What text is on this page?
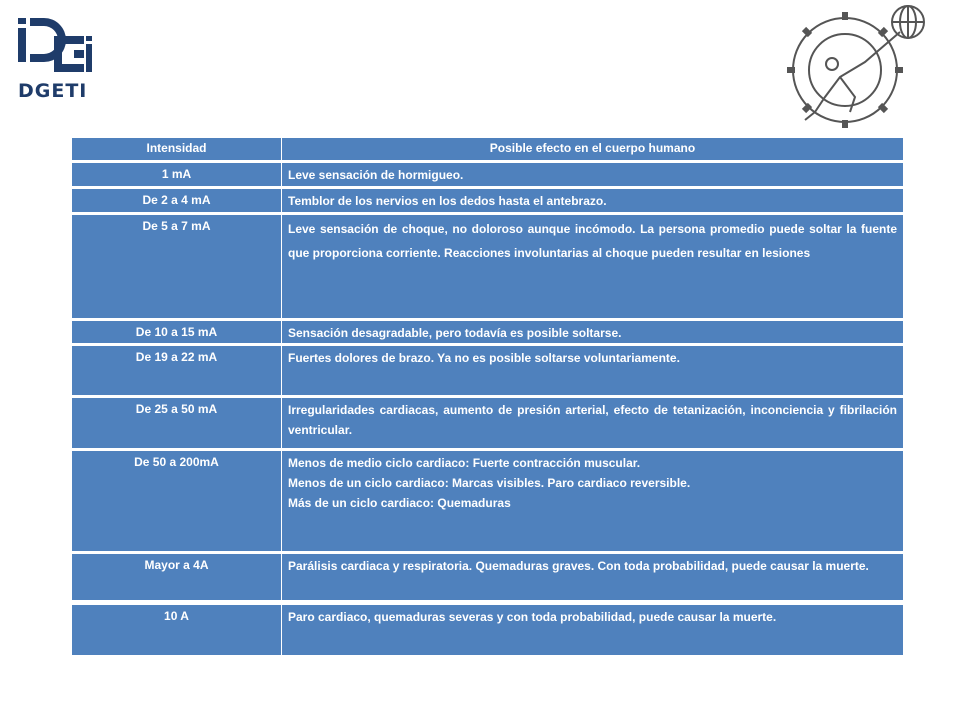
DGETI
Intensidad	Posible efecto en el cuerpo humano
1 mA	Leve sensación de hormigueo.
De 2 a 4 mA	Temblor de los nervios en los dedos hasta el antebrazo.
De 5 a 7 mA	Leve sensación de choque, no doloroso aunque incómodo. La persona promedio puede soltar la fuente que proporciona corriente. Reacciones involuntarias al choque pueden resultar en lesiones
De 10 a 15 mA	Sensación desagradable, pero todavía es posible soltarse.
De 19 a 22 mA	Fuertes dolores de brazo. Ya no es posible soltarse voluntariamente.
De 25 a 50 mA	Irregularidades cardiacas, aumento de presión arterial, efecto de tetanización, inconciencia y fibrilación ventricular.
De 50 a 200mA	Menos de medio ciclo cardiaco: Fuerte contracción muscular.
Menos de un ciclo cardiaco: Marcas visibles. Paro cardiaco reversible.
Más de un ciclo cardiaco: Quemaduras
Mayor a 4A	Parálisis cardiaca y respiratoria. Quemaduras graves. Con toda probabilidad, puede causar la muerte.
10 A	Paro cardiaco, quemaduras severas y con toda probabilidad, puede causar la muerte.
